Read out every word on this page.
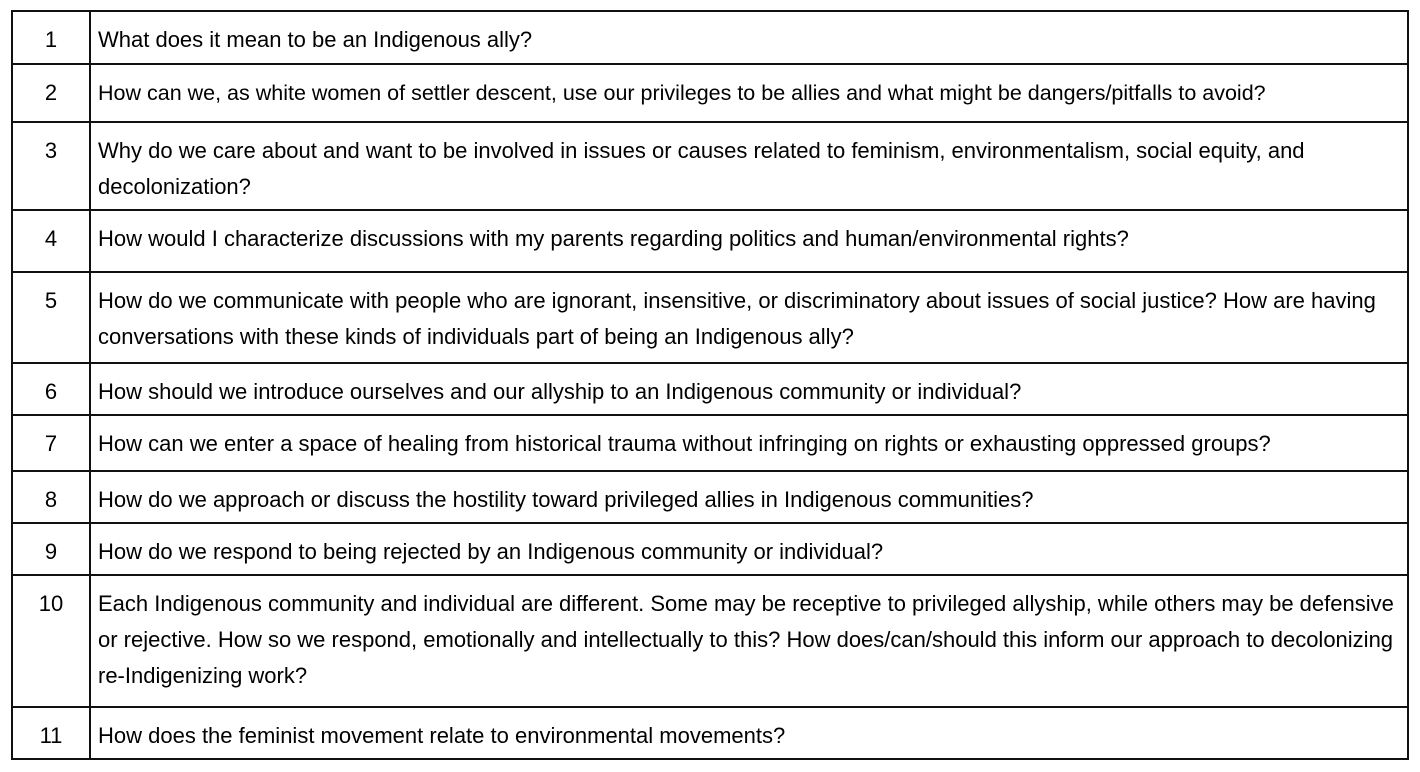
1	What does it mean to be an Indigenous ally?
2	How can we, as white women of settler descent, use our privileges to be allies and what might be dangers/pitfalls to avoid?
3	Why do we care about and want to be involved in issues or causes related to feminism, environmentalism, social equity, and decolonization?
4	How would I characterize discussions with my parents regarding politics and human/environmental rights?
5	How do we communicate with people who are ignorant, insensitive, or discriminatory about issues of social justice? How are having conversations with these kinds of individuals part of being an Indigenous ally?
6	How should we introduce ourselves and our allyship to an Indigenous community or individual?
7	How can we enter a space of healing from historical trauma without infringing on rights or exhausting oppressed groups?
8	How do we approach or discuss the hostility toward privileged allies in Indigenous communities?
9	How do we respond to being rejected by an Indigenous community or individual?
10	Each Indigenous community and individual are different. Some may be receptive to privileged allyship, while others may be defensive or rejective. How so we respond, emotionally and intellectually to this? How does/can/should this inform our approach to decolonizing re-Indigenizing work?
11	How does the feminist movement relate to environmental movements?
